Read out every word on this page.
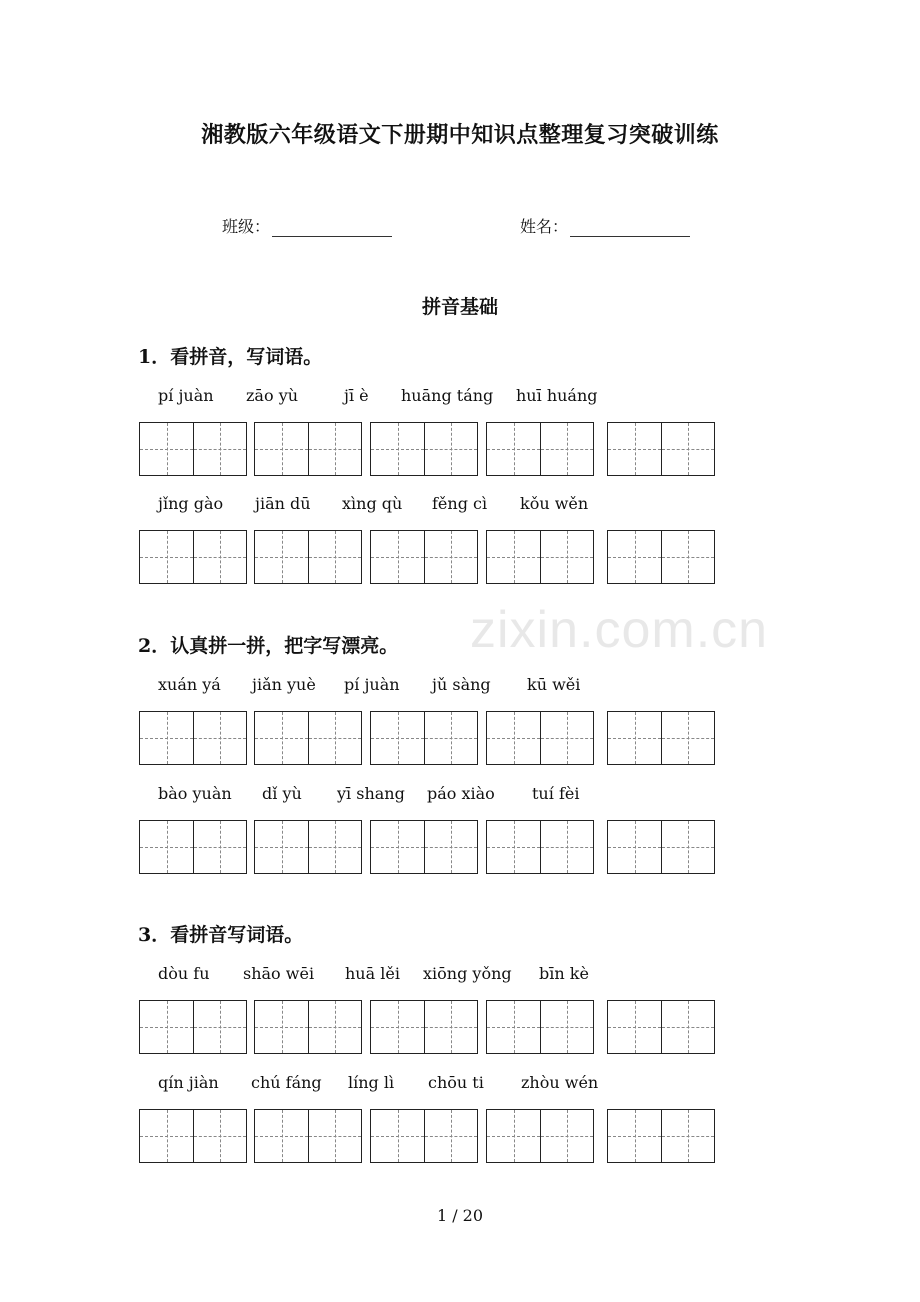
湘教版六年级语文下册期中知识点整理复习突破训练
班级：	姓名：
拼音基础
zixin.com.cn
1．看拼音，写词语。
pí juàn zāo yù	jī è huāng táng huī huáng
jǐng gào jiān dū xìng qù fěng cì kǒu wěn
2．认真拼一拼，把字写漂亮。
xuán yá jiǎn yuè pí juàn jǔ sàng kū wěi
bào yuàn dǐ yù yī shang páo xiào tuí fèi
3．看拼音写词语。
dòu fu shāo wēi huā lěi xiōng yǒng bīn kè
qín jiàn chú fáng líng lì chōu ti zhòu wén
1 / 20
